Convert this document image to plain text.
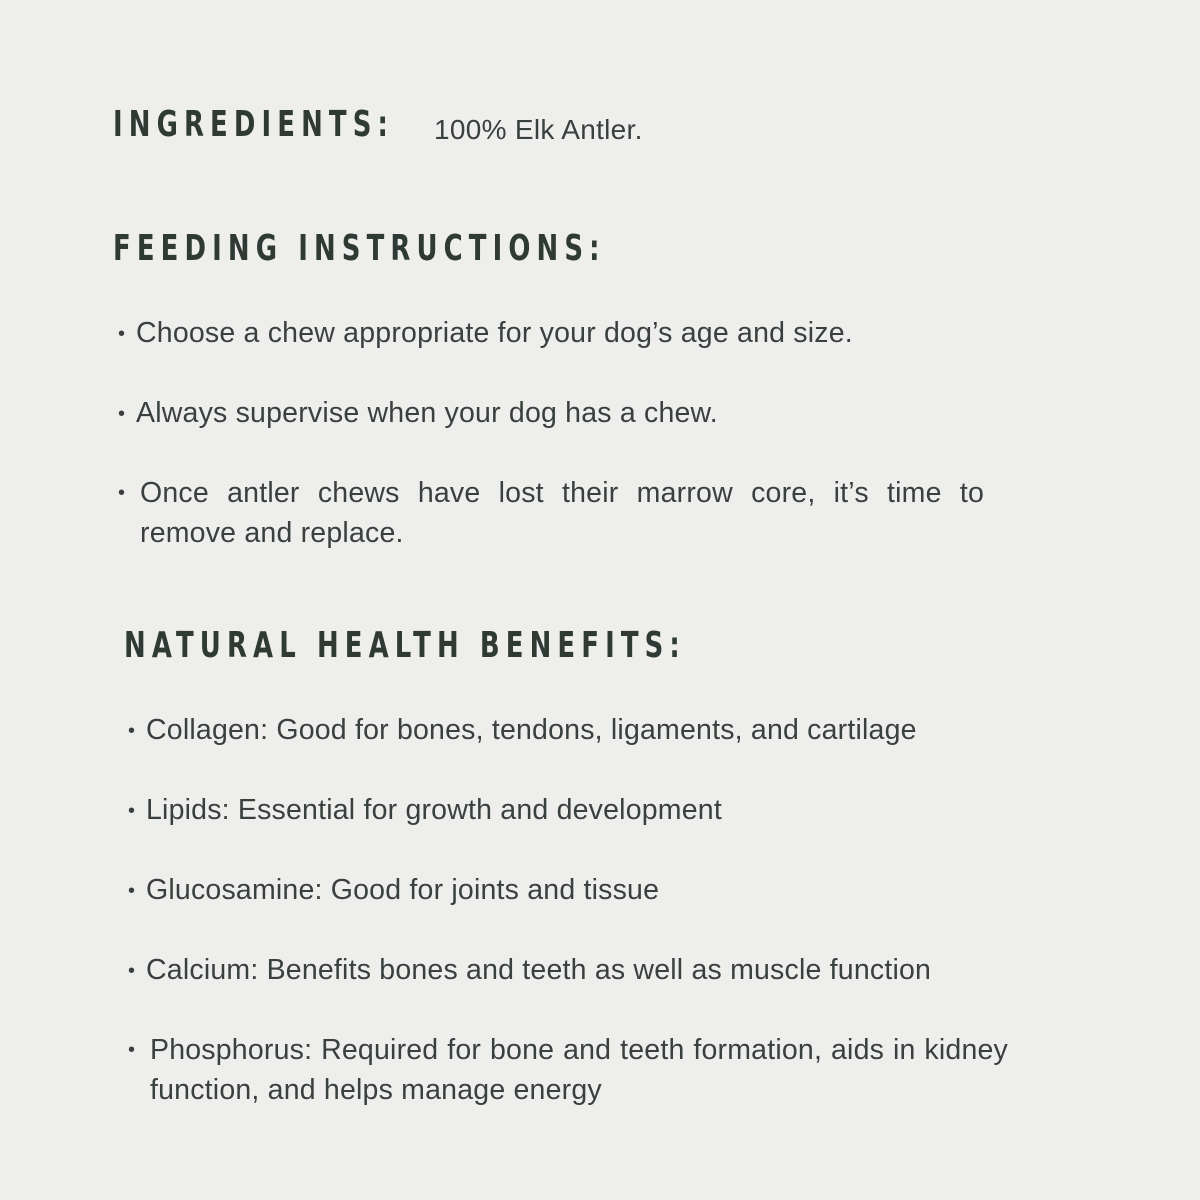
INGREDIENTS:	100% Elk Antler.
FEEDING INSTRUCTIONS:
• Choose a chew appropriate for your dog’s age and size.
• Always supervise when your dog has a chew.
• Once antler chews have lost their marrow core, it’s time to remove and replace.
NATURAL HEALTH BENEFITS:
• Collagen: Good for bones, tendons, ligaments, and cartilage
• Lipids: Essential for growth and development
• Glucosamine: Good for joints and tissue
• Calcium: Benefits bones and teeth as well as muscle function
• Phosphorus: Required for bone and teeth formation, aids in kidney function, and helps manage energy
